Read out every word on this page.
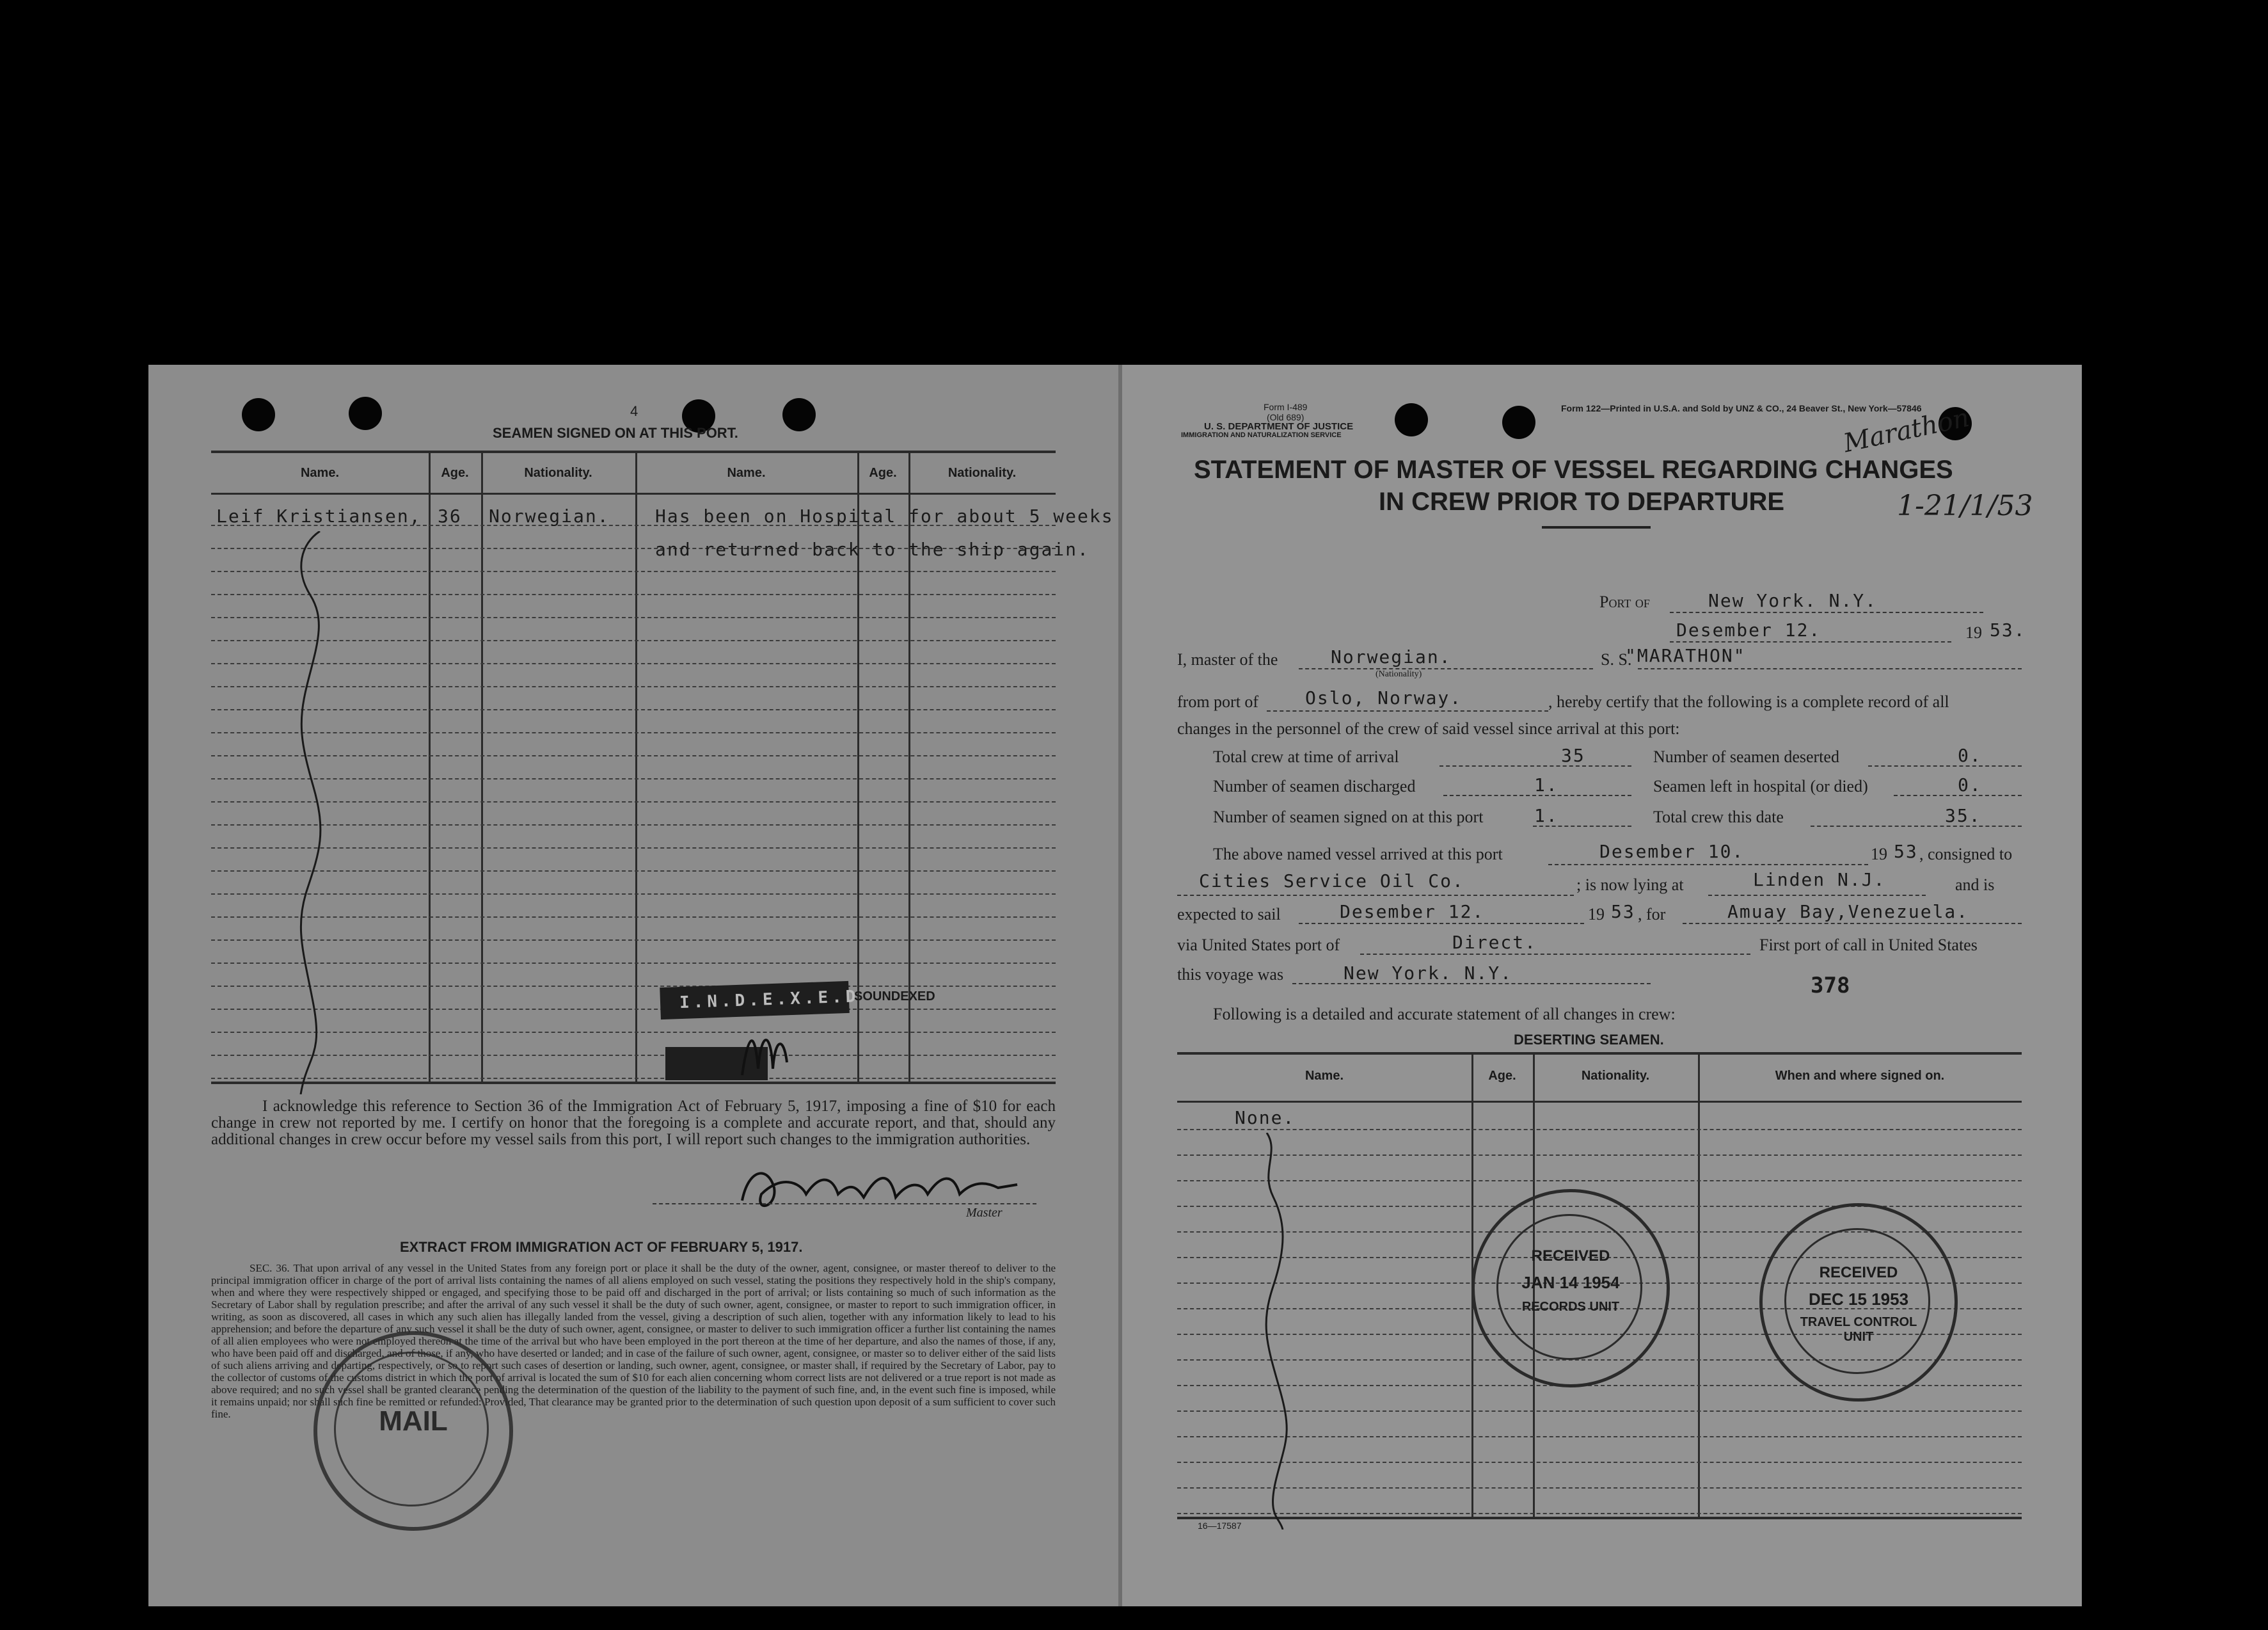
4
SEAMEN SIGNED ON AT THIS PORT.
Name.	Age.	Nationality.	Name.	Age.	Nationality.
Leif Kristiansen, 36 Norwegian.	Has been on Hospital for about 5 weeks
and returned back to the ship again.
I.N.D.E.X.E.D
SOUNDEXED
I acknowledge this reference to Section 36 of the Immigration Act of February 5, 1917, imposing a fine of $10 for each change in crew not reported by me. I certify on honor that the foregoing is a complete and accurate report, and that, should any additional changes in crew occur before my vessel sails from this port, I will report such changes to the immigration authorities.
Master
EXTRACT FROM IMMIGRATION ACT OF FEBRUARY 5, 1917.
SEC. 36. That upon arrival of any vessel in the United States from any foreign port or place it shall be the duty of the owner, agent, consignee, or master thereof to deliver to the principal immigration officer in charge of the port of arrival lists containing the names of all aliens employed on such vessel, stating the positions they respectively hold in the ship's company, when and where they were respectively shipped or engaged, and specifying those to be paid off and discharged in the port of arrival; or lists containing so much of such information as the Secretary of Labor shall by regulation prescribe; and after the arrival of any such vessel it shall be the duty of such owner, agent, consignee, or master to report to such immigration officer, in writing, as soon as discovered, all cases in which any such alien has illegally landed from the vessel, giving a description of such alien, together with any information likely to lead to his apprehension; and before the departure of any such vessel it shall be the duty of such owner, agent, consignee, or master to deliver to such immigration officer a further list containing the names of all alien employees who were not employed thereon at the time of the arrival but who have been employed in the port thereon at the time of her departure, and also the names of those, if any, who have been paid off and discharged, and of those, if any, who have deserted or landed; and in case of the failure of such owner, agent, consignee, or master so to deliver either of the said lists of such aliens arriving and departing, respectively, or so to report such cases of desertion or landing, such owner, agent, consignee, or master shall, if required by the Secretary of Labor, pay to the collector of customs of the customs district in which the port of arrival is located the sum of $10 for each alien concerning whom correct lists are not delivered or a true report is not made as above required; and no such vessel shall be granted clearance pending the determination of the question of the liability to the payment of such fine, and, in the event such fine is imposed, while it remains unpaid; nor shall such fine be remitted or refunded: Provided, That clearance may be granted prior to the determination of such question upon deposit of a sum sufficient to cover such fine.	MAIL
Form I-489
(Old 689)
U. S. DEPARTMENT OF JUSTICE
IMMIGRATION AND NATURALIZATION SERVICE
Form 122—Printed in U.S.A. and Sold by UNZ & CO., 24 Beaver St., New York—57846
STATEMENT OF MASTER OF VESSEL REGARDING CHANGES
IN CREW PRIOR TO DEPARTURE
Marathon
1-21/1/53
Port of	New York. N.Y.
Desember 12.	19 53.
I, master of the	Norwegian.
(Nationality)
S. S.
"MARATHON"
from port of	Oslo, Norway.	, hereby certify that the following is a complete record of all
changes in the personnel of the crew of said vessel since arrival at this port:
Total crew at time of arrival	35	Number of seamen deserted	0.
Number of seamen discharged	1.	Seamen left in hospital (or died)	0.
Number of seamen signed on at this port	1.	Total crew this date	35.
The above named vessel arrived at this port	Desember 10.	19 53 , consigned to
Cities Service Oil Co.	; is now lying at	Linden N.J.	and is
expected to sail	Desember 12.	19 53 , for	Amuay Bay,Venezuela.
via United States port of	Direct.	First port of call in United States
this voyage was	New York. N.Y.	378
Following is a detailed and accurate statement of all changes in crew:
DESERTING SEAMEN.
Name.	Age.	Nationality.	When and where signed on.
None.
RECEIVED
JAN 14 1954
RECORDS UNIT
RECEIVED
DEC 15 1953
TRAVEL CONTROL UNIT
16—17587
